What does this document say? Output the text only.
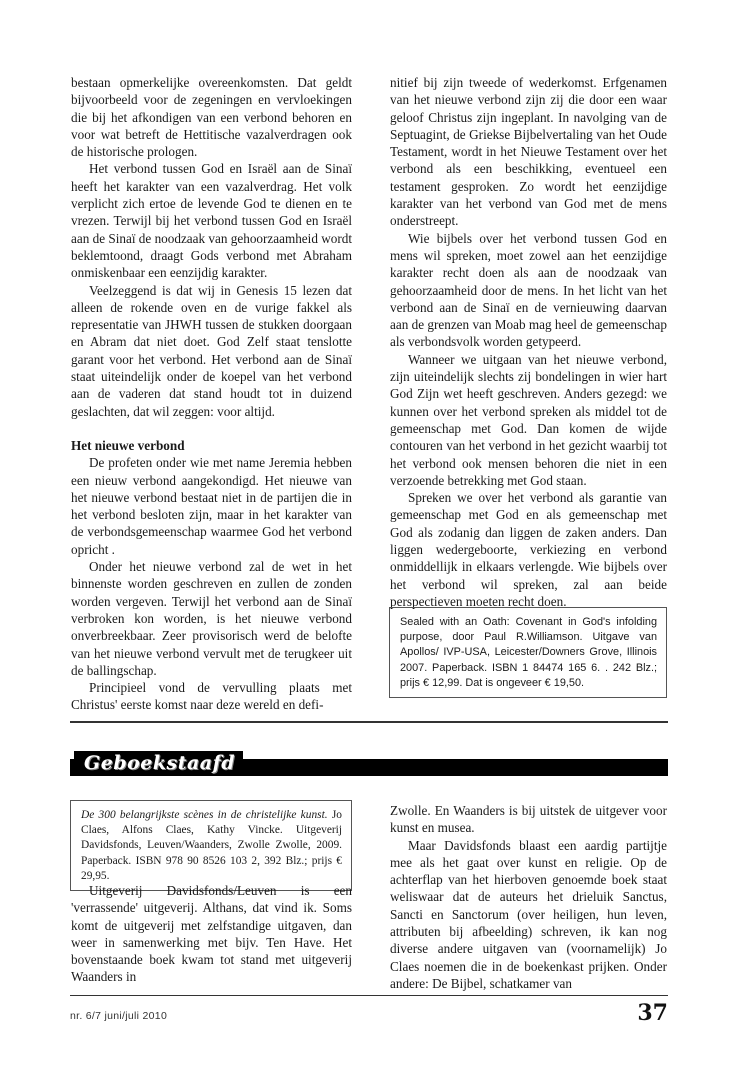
bestaan opmerkelijke overeenkomsten. Dat geldt bijvoorbeeld voor de zegeningen en vervloekingen die bij het afkondigen van een verbond behoren en voor wat betreft de Hettitische vazalverdragen ook de historische prologen.

Het verbond tussen God en Israël aan de Sinaï heeft het karakter van een vazalverdrag. Het volk verplicht zich ertoe de levende God te dienen en te vrezen. Terwijl bij het verbond tussen God en Israël aan de Sinaï de noodzaak van gehoorzaamheid wordt beklemtoond, draagt Gods verbond met Abraham onmiskenbaar een eenzijdig karakter.

Veelzeggend is dat wij in Genesis 15 lezen dat alleen de rokende oven en de vurige fakkel als representatie van JHWH tussen de stukken doorgaan en Abram dat niet doet. God Zelf staat tenslotte garant voor het verbond. Het verbond aan de Sinaï staat uiteindelijk onder de koepel van het verbond aan de vaderen dat stand houdt tot in duizend geslachten, dat wil zeggen: voor altijd.

Het nieuwe verbond

De profeten onder wie met name Jeremia hebben een nieuw verbond aangekondigd. Het nieuwe van het nieuwe verbond bestaat niet in de partijen die in het verbond besloten zijn, maar in het karakter van de verbondsgemeenschap waarmee God het verbond opricht .

Onder het nieuwe verbond zal de wet in het binnenste worden geschreven en zullen de zonden worden vergeven. Terwijl het verbond aan de Sinaï verbroken kon worden, is het nieuwe verbond onverbreekbaar. Zeer provisorisch werd de belofte van het nieuwe verbond vervult met de terugkeer uit de ballingschap.

Principieel vond de vervulling plaats met Christus' eerste komst naar deze wereld en defi-

nitief bij zijn tweede of wederkomst. Erfgenamen van het nieuwe verbond zijn zij die door een waar geloof Christus zijn ingeplant. In navolging van de Septuagint, de Griekse Bijbelvertaling van het Oude Testament, wordt in het Nieuwe Testament over het verbond als een beschikking, eventueel een testament gesproken. Zo wordt het eenzijdige karakter van het verbond van God met de mens onderstreept.

Wie bijbels over het verbond tussen God en mens wil spreken, moet zowel aan het eenzijdige karakter recht doen als aan de noodzaak van gehoorzaamheid door de mens. In het licht van het verbond aan de Sinaï en de vernieuwing daarvan aan de grenzen van Moab mag heel de gemeenschap als verbondsvolk worden getypeerd.

Wanneer we uitgaan van het nieuwe verbond, zijn uiteindelijk slechts zij bondelingen in wier hart God Zijn wet heeft geschreven. Anders gezegd: we kunnen over het verbond spreken als middel tot de gemeenschap met God. Dan komen de wijde contouren van het verbond in het gezicht waarbij tot het verbond ook mensen behoren die niet in een verzoende betrekking met God staan.

Spreken we over het verbond als garantie van gemeenschap met God en als gemeenschap met God als zodanig dan liggen de zaken anders. Dan liggen wedergeboorte, verkiezing en verbond onmiddellijk in elkaars verlengde. Wie bijbels over het verbond wil spreken, zal aan beide perspectieven moeten recht doen.

Sealed with an Oath: Covenant in God's infolding purpose, door Paul R.Williamson. Uitgave van Apollos/ IVP-USA, Leicester/Downers Grove, Illinois 2007. Paperback. ISBN 1 84474 165 6. . 242 Blz.; prijs € 12,99. Dat is ongeveer € 19,50.
Geboekstaafd
De 300 belangrijkste scènes in de christelijke kunst. Jo Claes, Alfons Claes, Kathy Vincke. Uitgeverij Davidsfonds, Leuven/Waanders, Zwolle Zwolle, 2009. Paperback. ISBN 978 90 8526 103 2, 392 Blz.; prijs € 29,95.

Uitgeverij Davidsfonds/Leuven is een 'verrassende' uitgeverij. Althans, dat vind ik. Soms komt de uitgeverij met zelfstandige uitgaven, dan weer in samenwerking met bijv. Ten Have. Het bovenstaande boek kwam tot stand met uitgeverij Waanders in

Zwolle. En Waanders is bij uitstek de uitgever voor kunst en musea.

Maar Davidsfonds blaast een aardig partijtje mee als het gaat over kunst en religie. Op de achterflap van het hierboven genoemde boek staat weliswaar dat de auteurs het drieluik Sanctus, Sancti en Sanctorum (over heiligen, hun leven, attributen bij afbeelding) schreven, ik kan nog diverse andere uitgaven van (voornamelijk) Jo Claes noemen die in de boekenkast prijken. Onder andere: De Bijbel, schatkamer van

nr. 6/7 juni/juli 2010	37
